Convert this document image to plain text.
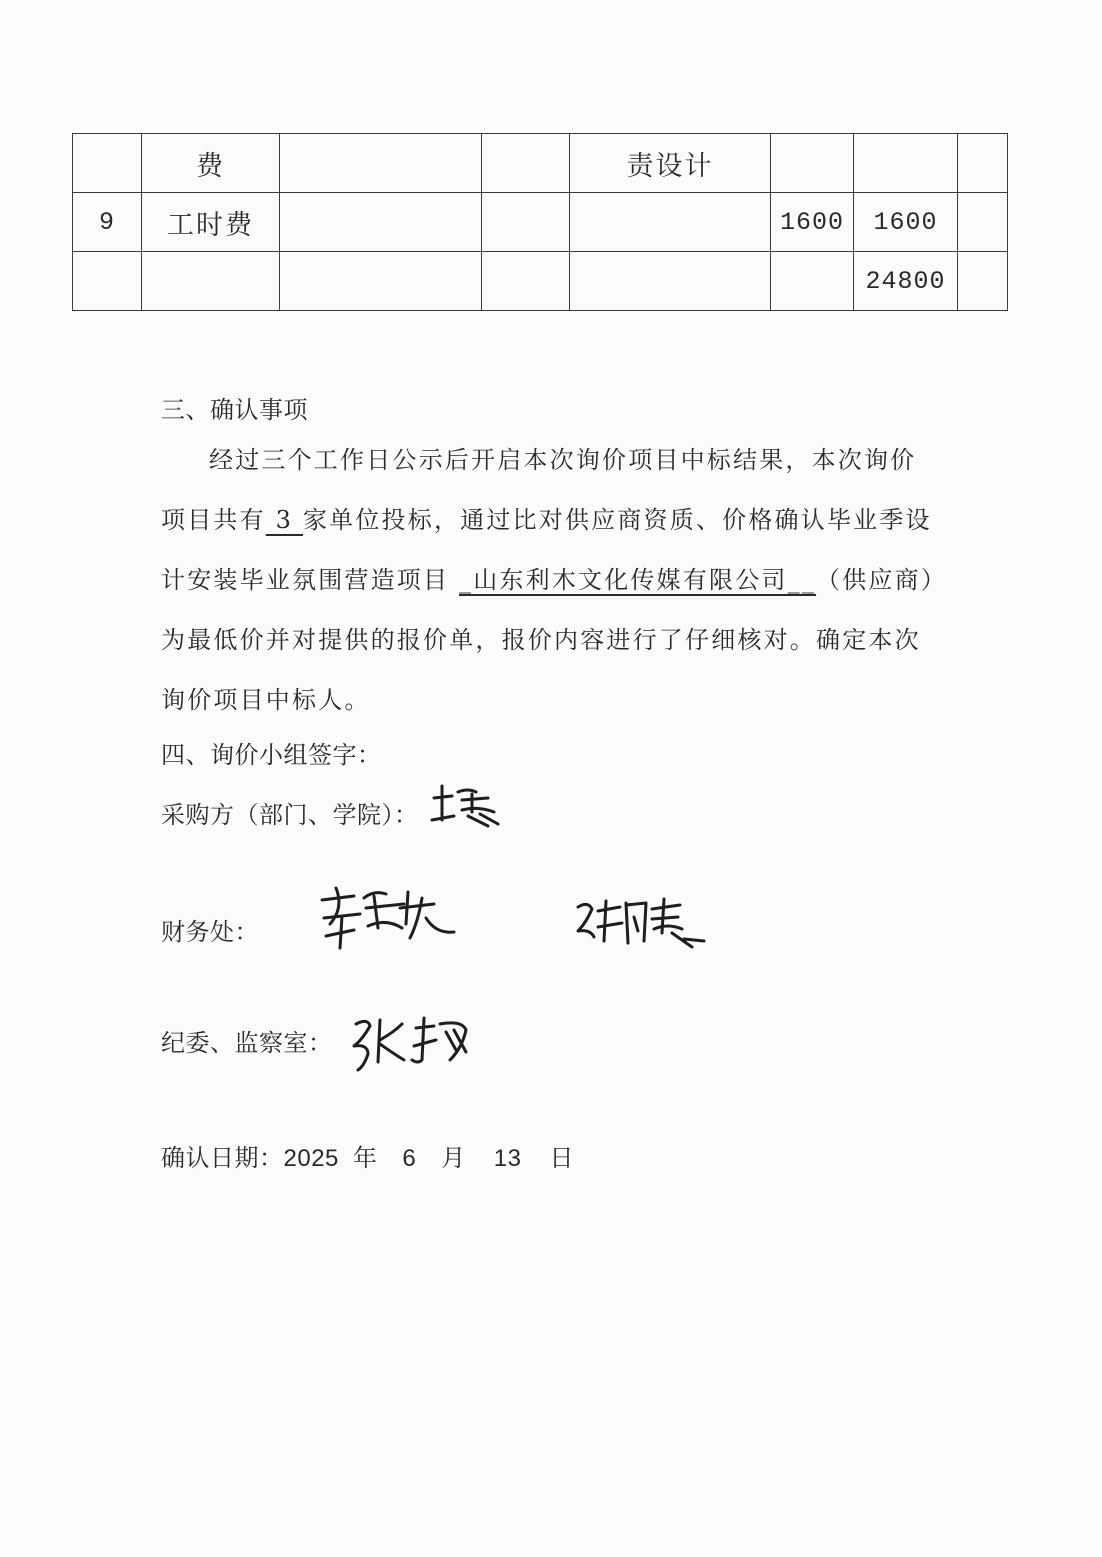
	费			责设计			
9	工时费				1600	1600	
						24800	
三、确认事项
经过三个工作日公示后开启本次询价项目中标结果，本次询价项目共有 3 家单位投标，通过比对供应商资质、价格确认毕业季设计安装毕业氛围营造项目 _山东利木文化传媒有限公司__（供应商）为最低价并对提供的报价单，报价内容进行了仔细核对。确定本次询价项目中标人。
四、询价小组签字：
采购方（部门、学院）：
财务处：
纪委、监察室：
确认日期：2025 年 6 月 13 日
